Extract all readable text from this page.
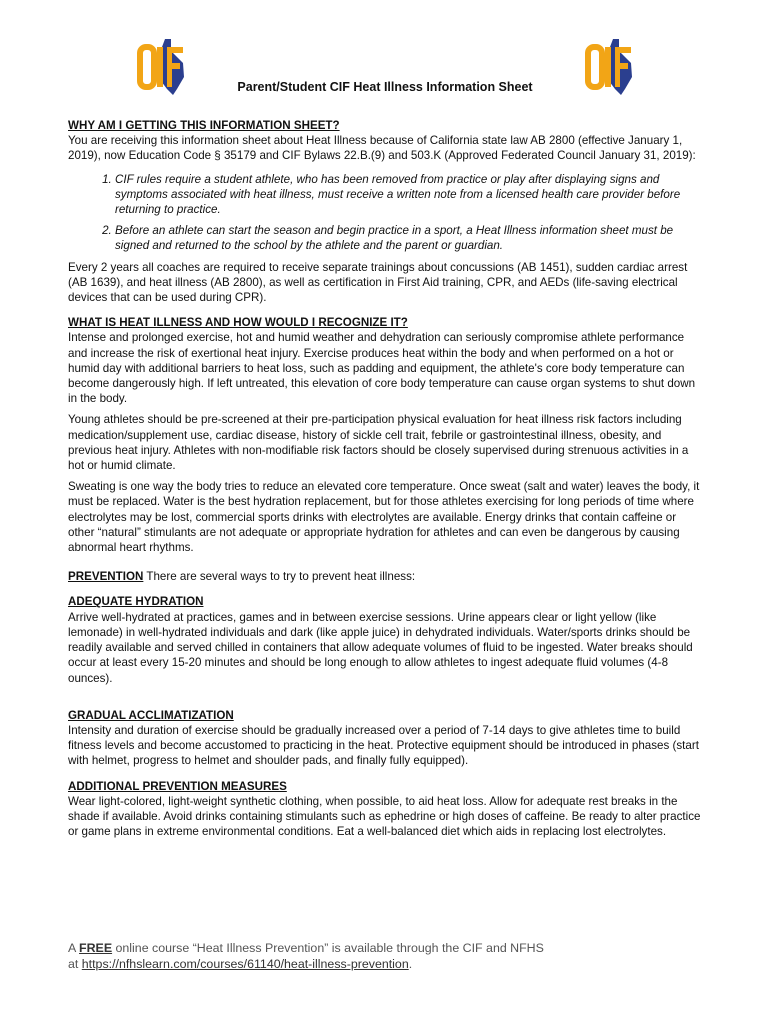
Parent/Student CIF Heat Illness Information Sheet
WHY AM I GETTING THIS INFORMATION SHEET?

You are receiving this information sheet about Heat Illness because of California state law AB 2800 (effective January 1, 2019), now Education Code § 35179 and CIF Bylaws 22.B.(9) and 503.K (Approved Federated Council January 31, 2019):

1. CIF rules require a student athlete, who has been removed from practice or play after displaying signs and symptoms associated with heat illness, must receive a written note from a licensed health care provider before returning to practice.
2. Before an athlete can start the season and begin practice in a sport, a Heat Illness information sheet must be signed and returned to the school by the athlete and the parent or guardian.

Every 2 years all coaches are required to receive separate trainings about concussions (AB 1451), sudden cardiac arrest (AB 1639), and heat illness (AB 2800), as well as certification in First Aid training, CPR, and AEDs (life-saving electrical devices that can be used during CPR).

WHAT IS HEAT ILLNESS AND HOW WOULD I RECOGNIZE IT?

Intense and prolonged exercise, hot and humid weather and dehydration can seriously compromise athlete performance and increase the risk of exertional heat injury. Exercise produces heat within the body and when performed on a hot or humid day with additional barriers to heat loss, such as padding and equipment, the athlete's core body temperature can become dangerously high. If left untreated, this elevation of core body temperature can cause organ systems to shut down in the body.

Young athletes should be pre-screened at their pre-participation physical evaluation for heat illness risk factors including medication/supplement use, cardiac disease, history of sickle cell trait, febrile or gastrointestinal illness, obesity, and previous heat injury. Athletes with non-modifiable risk factors should be closely supervised during strenuous activities in a hot or humid climate.

Sweating is one way the body tries to reduce an elevated core temperature. Once sweat (salt and water) leaves the body, it must be replaced. Water is the best hydration replacement, but for those athletes exercising for long periods of time where electrolytes may be lost, commercial sports drinks with electrolytes are available. Energy drinks that contain caffeine or other “natural” stimulants are not adequate or appropriate hydration for athletes and can even be dangerous by causing abnormal heart rhythms.

PREVENTION There are several ways to try to prevent heat illness:

ADEQUATE HYDRATION

Arrive well-hydrated at practices, games and in between exercise sessions. Urine appears clear or light yellow (like lemonade) in well-hydrated individuals and dark (like apple juice) in dehydrated individuals. Water/sports drinks should be readily available and served chilled in containers that allow adequate volumes of fluid to be ingested. Water breaks should occur at least every 15-20 minutes and should be long enough to allow athletes to ingest adequate fluid volumes (4-8 ounces).

GRADUAL ACCLIMATIZATION

Intensity and duration of exercise should be gradually increased over a period of 7-14 days to give athletes time to build fitness levels and become accustomed to practicing in the heat. Protective equipment should be introduced in phases (start with helmet, progress to helmet and shoulder pads, and finally fully equipped).

ADDITIONAL PREVENTION MEASURES

Wear light-colored, light-weight synthetic clothing, when possible, to aid heat loss. Allow for adequate rest breaks in the shade if available. Avoid drinks containing stimulants such as ephedrine or high doses of caffeine. Be ready to alter practice or game plans in extreme environmental conditions. Eat a well-balanced diet which aids in replacing lost electrolytes.

A FREE online course “Heat Illness Prevention” is available through the CIF and NFHS
at https://nfhslearn.com/courses/61140/heat-illness-prevention.
